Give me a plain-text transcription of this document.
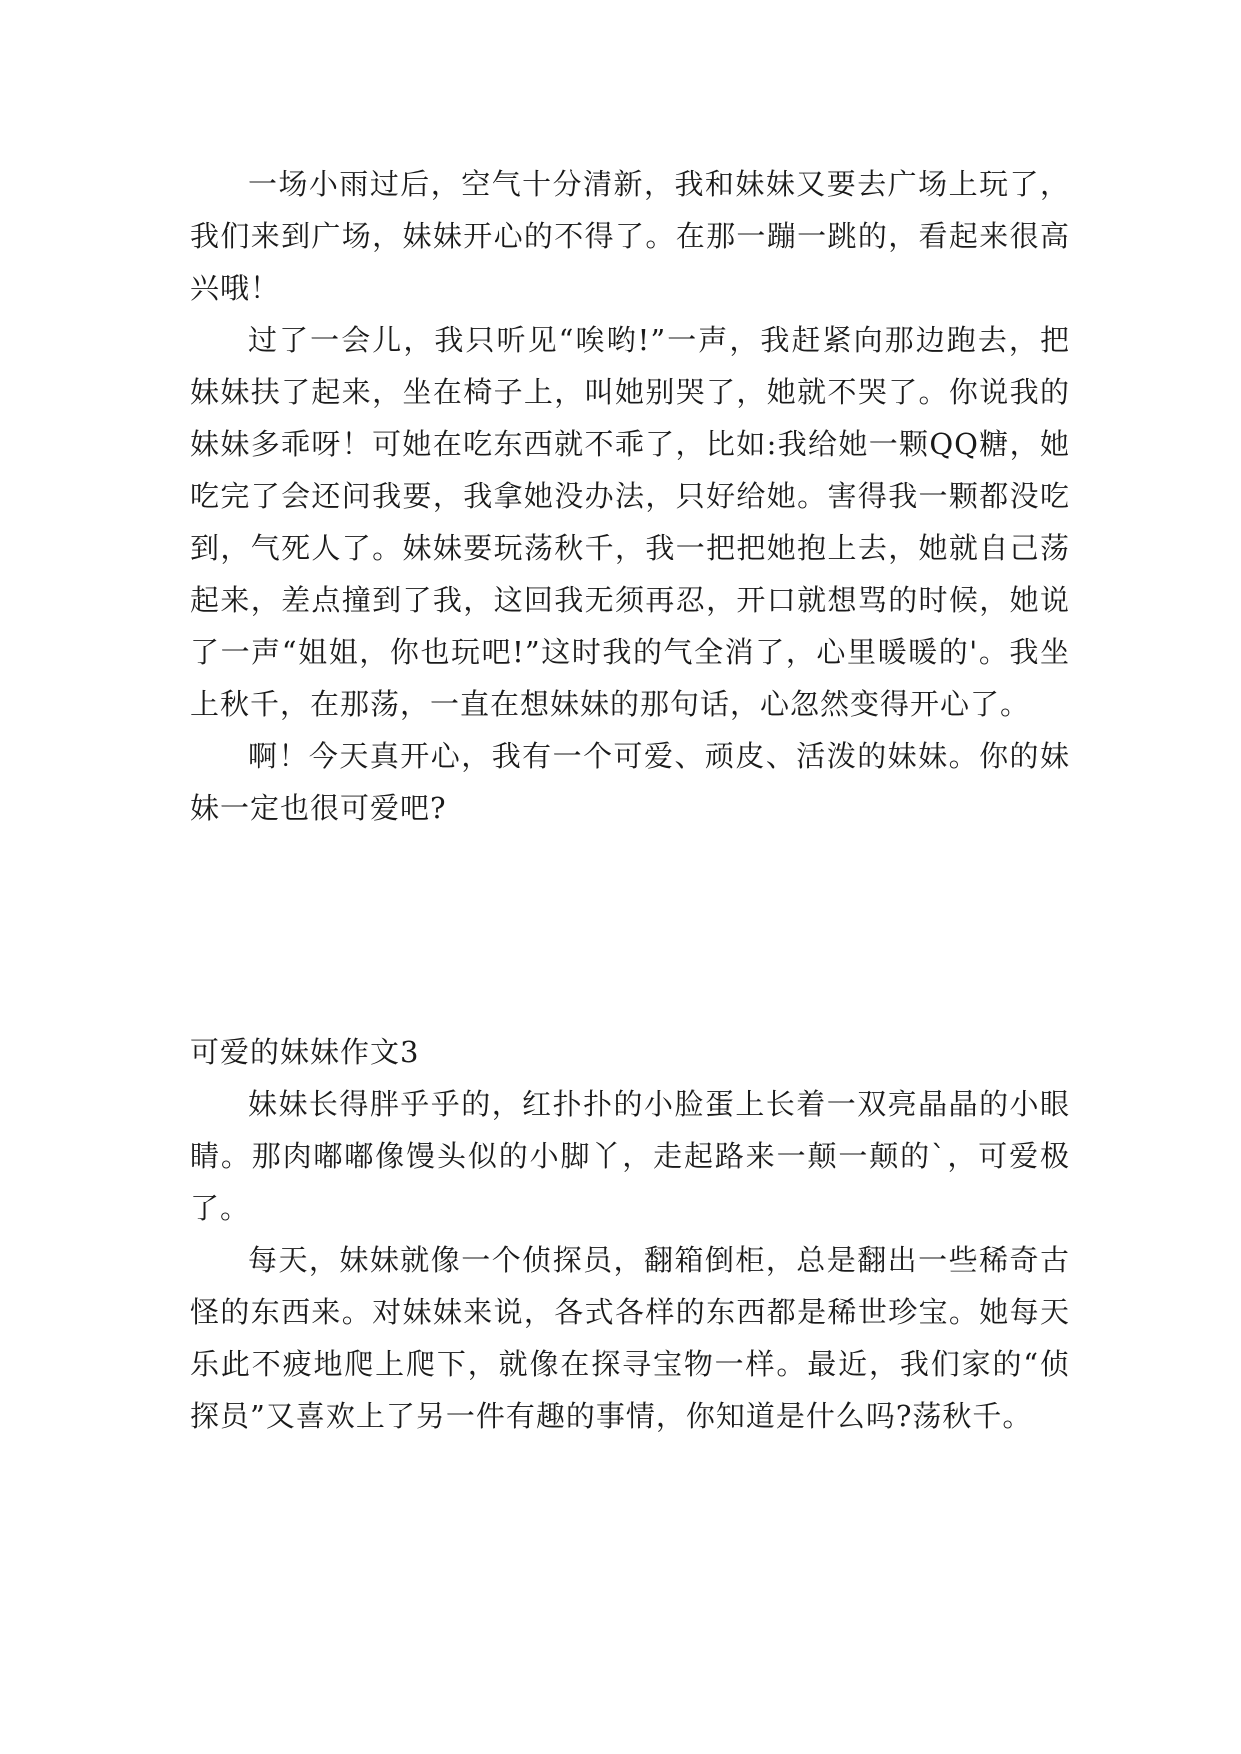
一场小雨过后，空气十分清新，我和妹妹又要去广场上玩了，我们来到广场，妹妹开心的不得了。在那一蹦一跳的，看起来很高兴哦！

过了一会儿，我只听见“唉哟!”一声，我赶紧向那边跑去，把妹妹扶了起来，坐在椅子上，叫她别哭了，她就不哭了。你说我的妹妹多乖呀！可她在吃东西就不乖了，比如:我给她一颗QQ糖，她吃完了会还问我要，我拿她没办法，只好给她。害得我一颗都没吃到，气死人了。妹妹要玩荡秋千，我一把把她抱上去，她就自己荡起来，差点撞到了我，这回我无须再忍，开口就想骂的时候，她说了一声“姐姐，你也玩吧!”这时我的气全消了，心里暖暖的'。我坐上秋千，在那荡，一直在想妹妹的那句话，心忽然变得开心了。

啊！今天真开心，我有一个可爱、顽皮、活泼的妹妹。你的妹妹一定也很可爱吧?

可爱的妹妹作文3

妹妹长得胖乎乎的，红扑扑的小脸蛋上长着一双亮晶晶的小眼睛。那肉嘟嘟像馒头似的小脚丫，走起路来一颠一颠的`，可爱极了。

每天，妹妹就像一个侦探员，翻箱倒柜，总是翻出一些稀奇古怪的东西来。对妹妹来说，各式各样的东西都是稀世珍宝。她每天乐此不疲地爬上爬下，就像在探寻宝物一样。最近，我们家的“侦探员”又喜欢上了另一件有趣的事情，你知道是什么吗?荡秋千。
